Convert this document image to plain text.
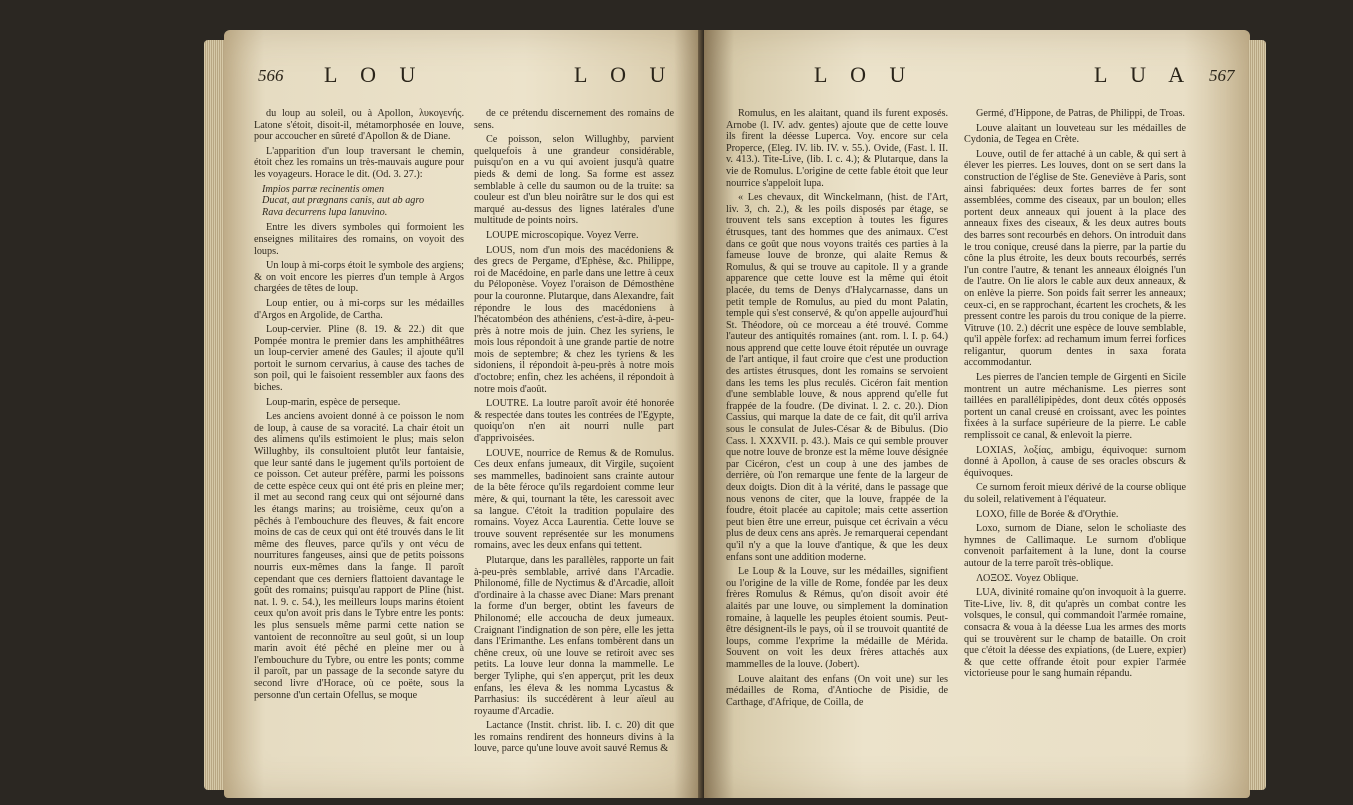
566 L O U	L O U

du loup au soleil, ou à Apollon, λυκογενής. Latone s'étoit, disoit-il, métamorphosée en louve, pour accoucher en sûreté d'Apollon & de Diane.

L'apparition d'un loup traversant le chemin, étoit chez les romains un très-mauvais augure pour les voyageurs. Horace le dit. (Od. 3. 27.):

Impios parræ recinentis omen

Ducat, aut prægnans canis, aut ab agro

Rava decurrens lupa lanuvino.

Entre les divers symboles qui formoient les enseignes militaires des romains, on voyoit des loups.

Un loup à mi-corps étoit le symbole des argiens; & on voit encore les pierres d'un temple à Argos chargées de têtes de loup.

Loup entier, ou à mi-corps sur les médailles d'Argos en Argolide, de Cartha.

Loup-cervier. Pline (8. 19. & 22.) dit que Pompée montra le premier dans les amphithéâtres un loup-cervier amené des Gaules; il ajoute qu'il portoit le surnom cervarius, à cause des taches de son poil, qui le faisoient ressembler aux faons des biches.

Loup-marin, espèce de perseque.

Les anciens avoient donné à ce poisson le nom de loup, à cause de sa voracité. La chair étoit un des alimens qu'ils estimoient le plus; mais selon Willughby, ils consultoient plutôt leur fantaisie, que leur santé dans le jugement qu'ils portoient de ce poisson. Cet auteur préfère, parmi les poissons de cette espèce ceux qui ont été pris en pleine mer; il met au second rang ceux qui ont séjourné dans les étangs marins; au troisième, ceux qu'on a pêchés à l'embouchure des fleuves, & fait encore moins de cas de ceux qui ont été trouvés dans le lit même des fleuves, parce qu'ils y ont vécu de nourritures fangeuses, ainsi que de petits poissons nourris eux-mêmes dans la fange. Il paroît cependant que ces derniers flattoient davantage le goût des romains; puisqu'au rapport de Pline (hist. nat. l. 9. c. 54.), les meilleurs loups marins étoient ceux qu'on avoit pris dans le Tybre entre les ponts: les plus sensuels même parmi cette nation se vantoient de reconnoître au seul goût, si un loup marin avoit été pêché en pleine mer ou à l'embouchure du Tybre, ou entre les ponts; comme il paroît, par un passage de la seconde satyre du second livre d'Horace, où ce poëte, sous la personne d'un certain Ofellus, se moque

de ce prétendu discernement des romains de sens.

Ce poisson, selon Willughby, parvient quelquefois à une grandeur considérable, puisqu'on en a vu qui avoient jusqu'à quatre pieds & demi de long. Sa forme est assez semblable à celle du saumon ou de la truite: sa couleur est d'un bleu noirâtre sur le dos qui est marqué au-dessus des lignes latérales d'une multitude de points noirs.

LOUPE microscopique. Voyez Verre.

LOUS, nom d'un mois des macédoniens & des grecs de Pergame, d'Ephèse, &c. Philippe, roi de Macédoine, en parle dans une lettre à ceux du Péloponèse. Voyez l'oraison de Démosthène pour la couronne. Plutarque, dans Alexandre, fait répondre le lous des macédoniens à l'hécatombéon des athéniens, c'est-à-dire, à-peu-près à notre mois de juin. Chez les syriens, le mois lous répondoit à une grande partie de notre mois de septembre; & chez les tyriens & les sidoniens, il répondoit à-peu-près à notre mois d'octobre; enfin, chez les achéens, il répondoit à notre mois d'août.

LOUTRE. La loutre paroît avoir été honorée & respectée dans toutes les contrées de l'Egypte, quoiqu'on n'en ait nourri nulle part d'apprivoisées.

LOUVE, nourrice de Remus & de Romulus. Ces deux enfans jumeaux, dit Virgile, suçoient ses mammelles, badinoient sans crainte autour de la bête féroce qu'ils regardoient comme leur mère, & qui, tournant la tête, les caressoit avec sa langue. C'étoit la tradition populaire des romains. Voyez Acca Laurentia. Cette louve se trouve souvent représentée sur les monumens romains, avec les deux enfans qui tettent.

Plutarque, dans les parallèles, rapporte un fait à-peu-près semblable, arrivé dans l'Arcadie. Philonomé, fille de Nyctimus & d'Arcadie, alloit d'ordinaire à la chasse avec Diane: Mars prenant la forme d'un berger, obtint les faveurs de Philonomé; elle accoucha de deux jumeaux. Craignant l'indignation de son père, elle les jetta dans l'Erimanthe. Les enfans tombèrent dans un chêne creux, où une louve se retiroit avec ses petits. La louve leur donna la mammelle. Le berger Tyliphe, qui s'en apperçut, prit les deux enfans, les éleva & les nomma Lycastus & Parrhasius: ils succédèrent à leur aïeul au royaume d'Arcadie.

Lactance (Instit. christ. lib. I. c. 20) dit que les romains rendirent des honneurs divins à la louve, parce qu'une louve avoit sauvé Remus &

567
L O U	L U A

Romulus, en les alaitant, quand ils furent exposés. Arnobe (l. IV. adv. gentes) ajoute que de cette louve ils firent la déesse Luperca. Voy. encore sur cela Properce, (Eleg. IV. lib. IV. v. 55.). Ovide, (Fast. l. II. v. 413.). Tite-Live, (lib. I. c. 4.); & Plutarque, dans la vie de Romulus. L'origine de cette fable étoit que leur nourrice s'appeloit lupa.

« Les chevaux, dit Winckelmann, (hist. de l'Art, liv. 3, ch. 2.), & les poils disposés par étage, se trouvent tels sans exception à toutes les figures étrusques, tant des hommes que des animaux. C'est dans ce goût que nous voyons traités ces parties à la fameuse louve de bronze, qui alaite Remus & Romulus, & qui se trouve au capitole. Il y a grande apparence que cette louve est la même qui étoit placée, du tems de Denys d'Halycarnasse, dans un petit temple de Romulus, au pied du mont Palatin, temple qui s'est conservé, & qu'on appelle aujourd'hui St. Théodore, où ce morceau a été trouvé. Comme l'auteur des antiquités romaines (ant. rom. l. I. p. 64.) nous apprend que cette louve étoit réputée un ouvrage de l'art antique, il faut croire que c'est une production des artistes étrusques, dont les romains se servoient dans les tems les plus reculés. Cicéron fait mention d'une semblable louve, & nous apprend qu'elle fut frappée de la foudre. (De divinat. l. 2. c. 20.). Dion Cassius, qui marque la date de ce fait, dit qu'il arriva sous le consulat de Jules-César & de Bibulus. (Dio Cass. l. XXXVII. p. 43.). Mais ce qui semble prouver que notre louve de bronze est la même louve désignée par Cicéron, c'est un coup à une des jambes de derrière, où l'on remarque une fente de la largeur de deux doigts. Dion dit à la vérité, dans le passage que nous venons de citer, que la louve, frappée de la foudre, étoit placée au capitole; mais cette assertion peut bien être une erreur, puisque cet écrivain a vécu plus de deux cens ans après. Je remarquerai cependant qu'il n'y a que la louve d'antique, & que les deux enfans sont une addition moderne.

Le Loup & la Louve, sur les médailles, signifient ou l'origine de la ville de Rome, fondée par les deux frères Romulus & Rémus, qu'on disoit avoir été alaités par une louve, ou simplement la domination romaine, à laquelle les peuples étoient soumis. Peut-être désignent-ils le pays, où il se trouvoit quantité de loups, comme l'exprime la médaille de Mérida. Souvent on voit les deux frères attachés aux mammelles de la louve. (Jobert).

Louve alaitant des enfans (On voit une) sur les médailles de Roma, d'Antioche de Pisidie, de Carthage, d'Afrique, de Coilla, de

Germé, d'Hippone, de Patras, de Philippi, de Troas.

Louve alaitant un louveteau sur les médailles de Cydonia, de Tegea en Crète.

Louve, outil de fer attaché à un cable, & qui sert à élever les pierres. Les louves, dont on se sert dans la construction de l'église de Ste. Geneviève à Paris, sont ainsi fabriquées: deux fortes barres de fer sont assemblées, comme des ciseaux, par un boulon; elles portent deux anneaux qui jouent à la place des anneaux fixes des ciseaux, & les deux autres bouts des barres sont recourbés en dehors. On introduit dans le trou conique, creusé dans la pierre, par la partie du cône la plus étroite, les deux bouts recourbés, serrés l'un contre l'autre, & tenant les anneaux éloignés l'un de l'autre. On lie alors le cable aux deux anneaux, & on enlève la pierre. Son poids fait serrer les anneaux; ceux-ci, en se rapprochant, écartent les crochets, & les pressent contre les parois du trou conique de la pierre. Vitruve (10. 2.) décrit une espèce de louve semblable, qu'il appèle forfex: ad rechamum imum ferrei forfices religantur, quorum dentes in saxa forata accommodantur.

Les pierres de l'ancien temple de Girgenti en Sicile montrent un autre méchanisme. Les pierres sont taillées en parallélipipèdes, dont deux côtés opposés portent un canal creusé en croissant, avec les pointes fixées à la surface supérieure de la pierre. Le cable remplissoit ce canal, & enlevoit la pierre.

LOXIAS, λοξίας, ambigu, équivoque: surnom donné à Apollon, à cause de ses oracles obscurs & équivoques.

Ce surnom feroit mieux dérivé de la course oblique du soleil, relativement à l'équateur.

LOXO, fille de Borée & d'Orythie.

Loxo, surnom de Diane, selon le scholiaste des hymnes de Callimaque. Le surnom d'oblique convenoit parfaitement à la lune, dont la course autour de la terre paroît très-oblique.

ΛΟΞΟΣ. Voyez Oblique.

LUA, divinité romaine qu'on invoquoit à la guerre. Tite-Live, liv. 8, dit qu'après un combat contre les volsques, le consul, qui commandoit l'armée romaine, consacra & voua à la déesse Lua les armes des morts qui se trouvèrent sur le champ de bataille. On croit que c'étoit la déesse des expiations, (de Luere, expier) & que cette offrande étoit pour expier l'armée victorieuse pour le sang humain répandu.
